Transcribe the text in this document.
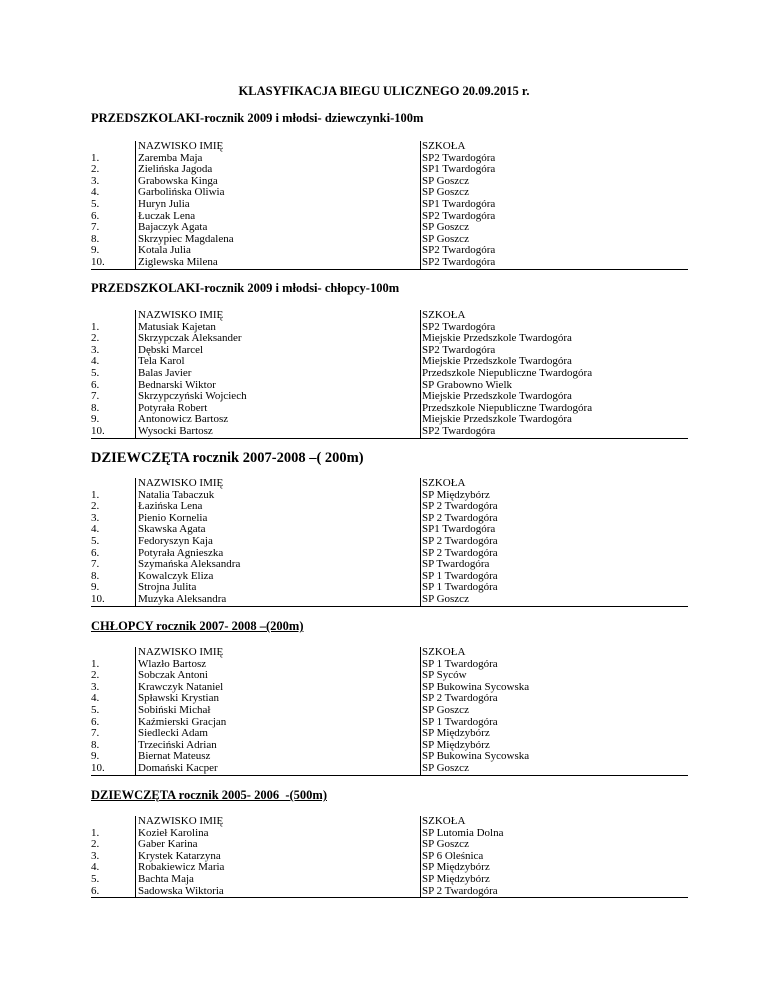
KLASYFIKACJA BIEGU ULICZNEGO 20.09.2015 r.
PRZEDSZKOLAKI-rocznik 2009 i młodsi- dziewczynki-100m
NAZWISKO IMIĘ	SZKOŁA
1.	Zaremba Maja	SP2 Twardogóra
2.	Zielińska Jagoda	SP1 Twardogóra
3.	Grabowska Kinga	SP Goszcz
4.	Garbolińska Oliwia	SP Goszcz
5.	Huryn Julia	SP1 Twardogóra
6.	Łuczak Lena	SP2 Twardogóra
7.	Bajaczyk Agata	SP Goszcz
8.	Skrzypiec Magdalena	SP Goszcz
9.	Kotala Julia	SP2 Twardogóra
10.	Ziglewska Milena	SP2 Twardogóra
PRZEDSZKOLAKI-rocznik 2009 i młodsi- chłopcy-100m
NAZWISKO IMIĘ	SZKOŁA
1.	Matusiak Kajetan	SP2 Twardogóra
2.	Skrzypczak Aleksander	Miejskie Przedszkole Twardogóra
3.	Dębski Marcel	SP2 Twardogóra
4.	Tela Karol	Miejskie Przedszkole Twardogóra
5.	Balas Javier	Przedszkole Niepubliczne Twardogóra
6.	Bednarski Wiktor	SP Grabowno Wielk
7.	Skrzypczyński Wojciech	Miejskie Przedszkole Twardogóra
8.	Potyrała Robert	Przedszkole Niepubliczne Twardogóra
9.	Antonowicz Bartosz	Miejskie Przedszkole Twardogóra
10.	Wysocki Bartosz	SP2 Twardogóra
DZIEWCZĘTA rocznik 2007-2008 –( 200m)
NAZWISKO IMIĘ	SZKOŁA
1.	Natalia Tabaczuk	SP Międzybórz
2.	Łazińska Lena	SP 2 Twardogóra
3.	Pienio Kornelia	SP 2 Twardogóra
4.	Skawska Agata	SP1 Twardogóra
5.	Fedoryszyn Kaja	SP 2 Twardogóra
6.	Potyrała Agnieszka	SP 2 Twardogóra
7.	Szymańska Aleksandra	SP Twardogóra
8.	Kowalczyk Eliza	SP 1 Twardogóra
9.	Strojna Julita	SP 1 Twardogóra
10.	Muzyka Aleksandra	SP Goszcz
CHŁOPCY rocznik 2007- 2008 –(200m)
NAZWISKO IMIĘ	SZKOŁA
1.	Wlazło Bartosz	SP 1 Twardogóra
2.	Sobczak Antoni	SP Syców
3.	Krawczyk Nataniel	SP Bukowina Sycowska
4.	Spławski Krystian	SP 2 Twardogóra
5.	Sobiński Michał	SP Goszcz
6.	Kaźmierski Gracjan	SP 1 Twardogóra
7.	Siedlecki Adam	SP Międzybórz
8.	Trzeciński Adrian	SP Międzybórz
9.	Biernat Mateusz	SP Bukowina Sycowska
10.	Domański Kacper	SP Goszcz
DZIEWCZĘTA rocznik 2005- 2006_-(500m)
NAZWISKO IMIĘ	SZKOŁA
1.	Kozieł Karolina	SP Lutomia Dolna
2.	Gaber Karina	SP Goszcz
3.	Krystek Katarzyna	SP 6 Oleśnica
4.	Robakiewicz Maria	SP Międzybórz
5.	Bachta Maja	SP Międzybórz
6.	Sadowska Wiktoria	SP 2 Twardogóra
